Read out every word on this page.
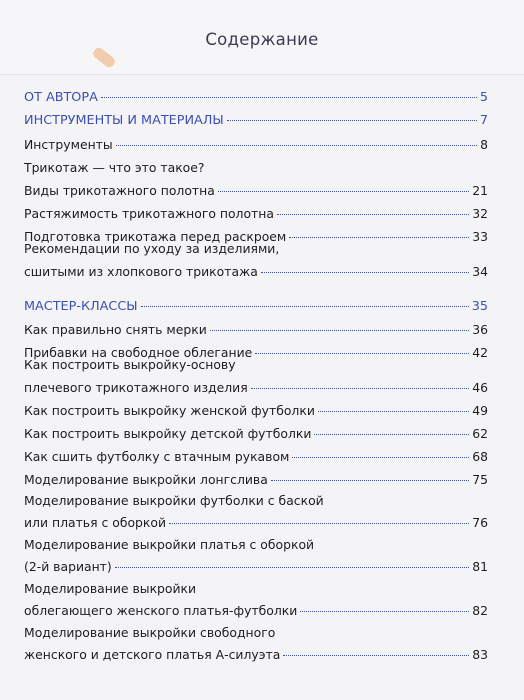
Содержание
ОТ АВТОРА	5
ИНСТРУМЕНТЫ И МАТЕРИАЛЫ	7
Инструменты	8
Трикотаж — что это такое?
Виды трикотажного полотна	21
Растяжимость трикотажного полотна	32
Подготовка трикотажа перед раскроем	33
Рекомендации по уходу за изделиями,
сшитыми из хлопкового трикотажа	34
МАСТЕР-КЛАССЫ	35
Как правильно снять мерки	36
Прибавки на свободное облегание	42
Как построить выкройку-основу
плечевого трикотажного изделия	46
Как построить выкройку женской футболки	49
Как построить выкройку детской футболки	62
Как сшить футболку с втачным рукавом	68
Моделирование выкройки лонгслива	75
Моделирование выкройки футболки с баской
или платья с оборкой	76
Моделирование выкройки платья с оборкой
(2-й вариант)	81
Моделирование выкройки
облегающего женского платья-футболки	82
Моделирование выкройки свободного
женского и детского платья А-силуэта	83
